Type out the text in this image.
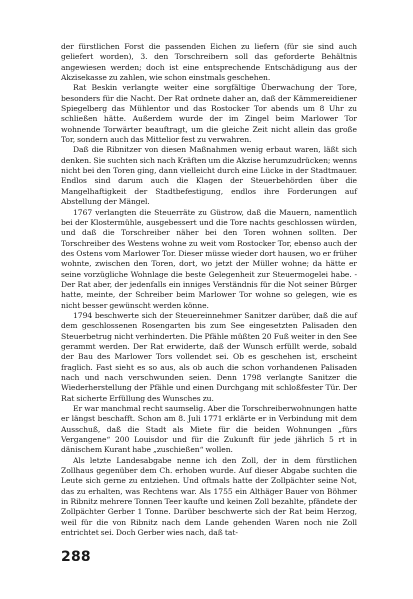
der fürstlichen Forst die passenden Eichen zu liefern (für sie sind auch geliefert worden), 3. den Torschreibern soll das geforderte Behältnis angewiesen werden; doch ist eine entsprechende Entschädigung aus der Akzisekasse zu zahlen, wie schon einstmals geschehen.

Rat Beskin verlangte weiter eine sorgfältige Überwachung der Tore, besonders für die Nacht. Der Rat ordnete daher an, daß der Kämmereidiener Spiegelberg das Mühlentor und das Rostocker Tor abends um 8 Uhr zu schließen hätte. Außerdem wurde der im Zingel beim Marlower Tor wohnende Torwärter beauftragt, um die gleiche Zeit nicht allein das große Tor, sondern auch das Mittelior fest zu verwahren.

Daß die Ribnitzer von diesen Maßnahmen wenig erbaut waren, läßt sich denken. Sie suchten sich nach Kräften um die Akzise herumzudrücken; wenns nicht bei den Toren ging, dann vielleicht durch eine Lücke in der Stadtmauer. Endlos sind darum auch die Klagen der Steuerbehörden über die Mangelhaftigkeit der Stadtbefestigung, endlos ihre Forderungen auf Abstellung der Mängel.

1767 verlangten die Steuerräte zu Güstrow, daß die Mauern, namentlich bei der Klostermühle, ausgebessert und die Tore nachts geschlossen würden, und daß die Torschreiber näher bei den Toren wohnen sollten. Der Torschreiber des Westens wohne zu weit vom Rostocker Tor, ebenso auch der des Ostens vom Marlower Tor. Dieser müsse wieder dort hausen, wo er früher wohnte, zwischen den Toren, dort, wo jetzt der Müller wohne; da hätte er seine vorzügliche Wohnlage die beste Gelegenheit zur Steuermogelei habe. - Der Rat aber, der jedenfalls ein inniges Verständnis für die Not seiner Bürger hatte, meinte, der Schreiber beim Marlower Tor wohne so gelegen, wie es nicht besser gewünscht werden könne.

1794 beschwerte sich der Steuereinnehmer Sanitzer darüber, daß die auf dem geschlossenen Rosengarten bis zum See eingesetzten Palisaden den Steuerbetrug nicht verhinderten. Die Pfähle müßten 20 Fuß weiter in den See gerammt werden. Der Rat erwiderte, daß der Wunsch erfüllt werde, sobald der Bau des Marlower Tors vollendet sei. Ob es geschehen ist, erscheint fraglich. Fast sieht es so aus, als ob auch die schon vorhandenen Palisaden nach und nach verschwunden seien. Denn 1798 verlangte Sanitzer die Wiederherstellung der Pfähle und einen Durchgang mit schloßfester Tür. Der Rat sicherte Erfüllung des Wunsches zu.

Er war manchmal recht saumselig. Aber die Torschreiberwohnungen hatte er längst beschafft. Schon am 8. Juli 1771 erklärte er in Verbindung mit dem Ausschuß, daß die Stadt als Miete für die beiden Wohnungen „fürs Vergangene“ 200 Louisdor und für die Zukunft für jede jährlich 5 rt in dänischem Kurant habe „zuschießen“ wollen.

Als letzte Landesabgabe nenne ich den Zoll, der in dem fürstlichen Zollhaus gegenüber dem Ch. erhoben wurde. Auf dieser Abgabe suchten die Leute sich gerne zu entziehen. Und oftmals hatte der Zollpächter seine Not, das zu erhalten, was Rechtens war. Als 1755 ein Althäger Bauer von Böhmer in Ribnitz mehrere Tonnen Teer kaufte und keinen Zoll bezahlte, pfändete der Zollpächter Gerber 1 Tonne. Darüber beschwerte sich der Rat beim Herzog, weil für die von Ribnitz nach dem Lande gehenden Waren noch nie Zoll entrichtet sei. Doch Gerber wies nach, daß tat-

288
